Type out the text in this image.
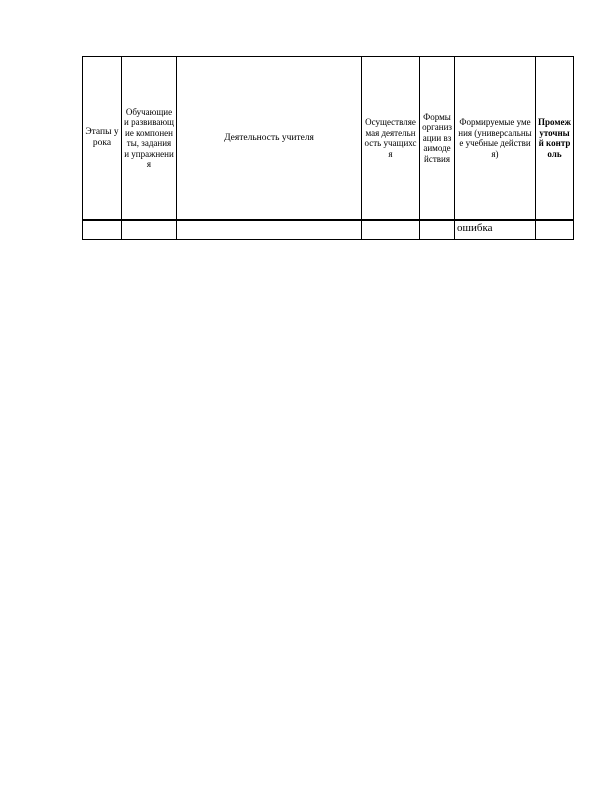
Этапы урока	Обучающие и развивающие компоненты, задания и упражнения	Деятельность учителя	Осуществляемая деятельность учащихся	Формы организации взаимодействия	Формируемые умения (универсальные учебные действия)	Промежуточный контроль
					ошибка	
